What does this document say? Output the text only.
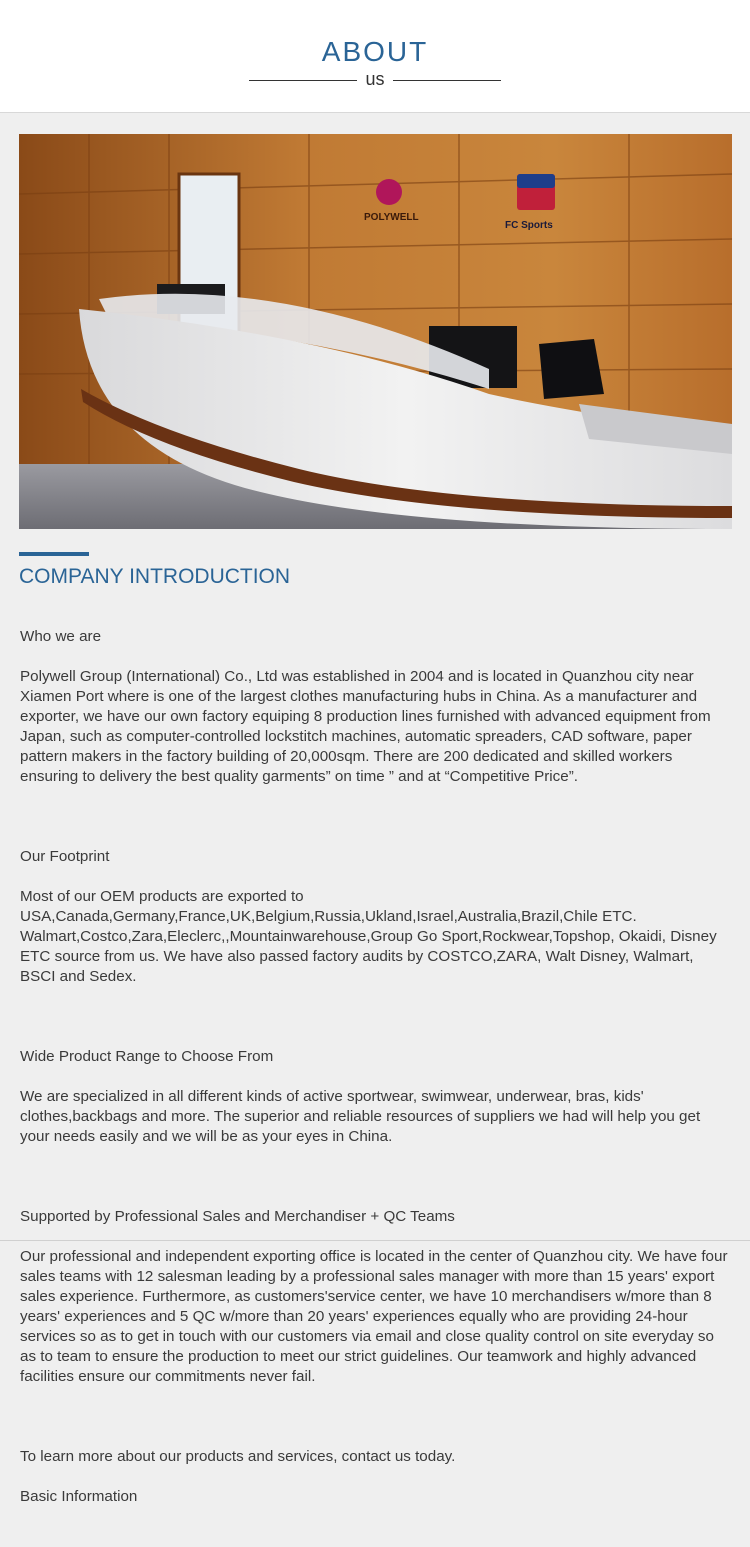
ABOUT
us
POLYWELL
FC Sports
COMPANY INTRODUCTION

Who we are

Polywell Group (International) Co., Ltd was established in 2004 and is located in Quanzhou city near Xiamen Port where is one of the largest clothes manufacturing hubs in China. As a manufacturer and exporter, we have our own factory equiping 8 production lines furnished with advanced equipment from Japan, such as computer-controlled lockstitch machines, automatic spreaders, CAD software, paper pattern makers in the factory building of 20,000sqm. There are 200 dedicated and skilled workers ensuring to delivery the best quality garments” on time ” and at “Competitive Price”.

Our Footprint

Most of our OEM products are exported to USA,Canada,Germany,France,UK,Belgium,Russia,Ukland,Israel,Australia,Brazil,Chile ETC. Walmart,Costco,Zara,Eleclerc,,Mountainwarehouse,Group Go Sport,Rockwear,Topshop, Okaidi, Disney ETC source from us. We have also passed factory audits by COSTCO,ZARA, Walt Disney, Walmart, BSCI and Sedex.

Wide Product Range to Choose From

We are specialized in all different kinds of active sportwear, swimwear, underwear, bras, kids' clothes,backbags and more. The superior and reliable resources of suppliers we had will help you get your needs easily and we will be as your eyes in China.

Supported by Professional Sales and Merchandiser + QC Teams

Our professional and independent exporting office is located in the center of Quanzhou city. We have four sales teams with 12 salesman leading by a professional sales manager with more than 15 years' export sales experience. Furthermore, as customers'service center, we have 10 merchandisers w/more than 8 years' experiences and 5 QC w/more than 20 years' experiences equally who are providing 24-hour services so as to get in touch with our customers via email and close quality control on site everyday so as to team to ensure the production to meet our strict guidelines. Our teamwork and highly advanced facilities ensure our commitments never fail.

To learn more about our products and services, contact us today.

Basic Information
